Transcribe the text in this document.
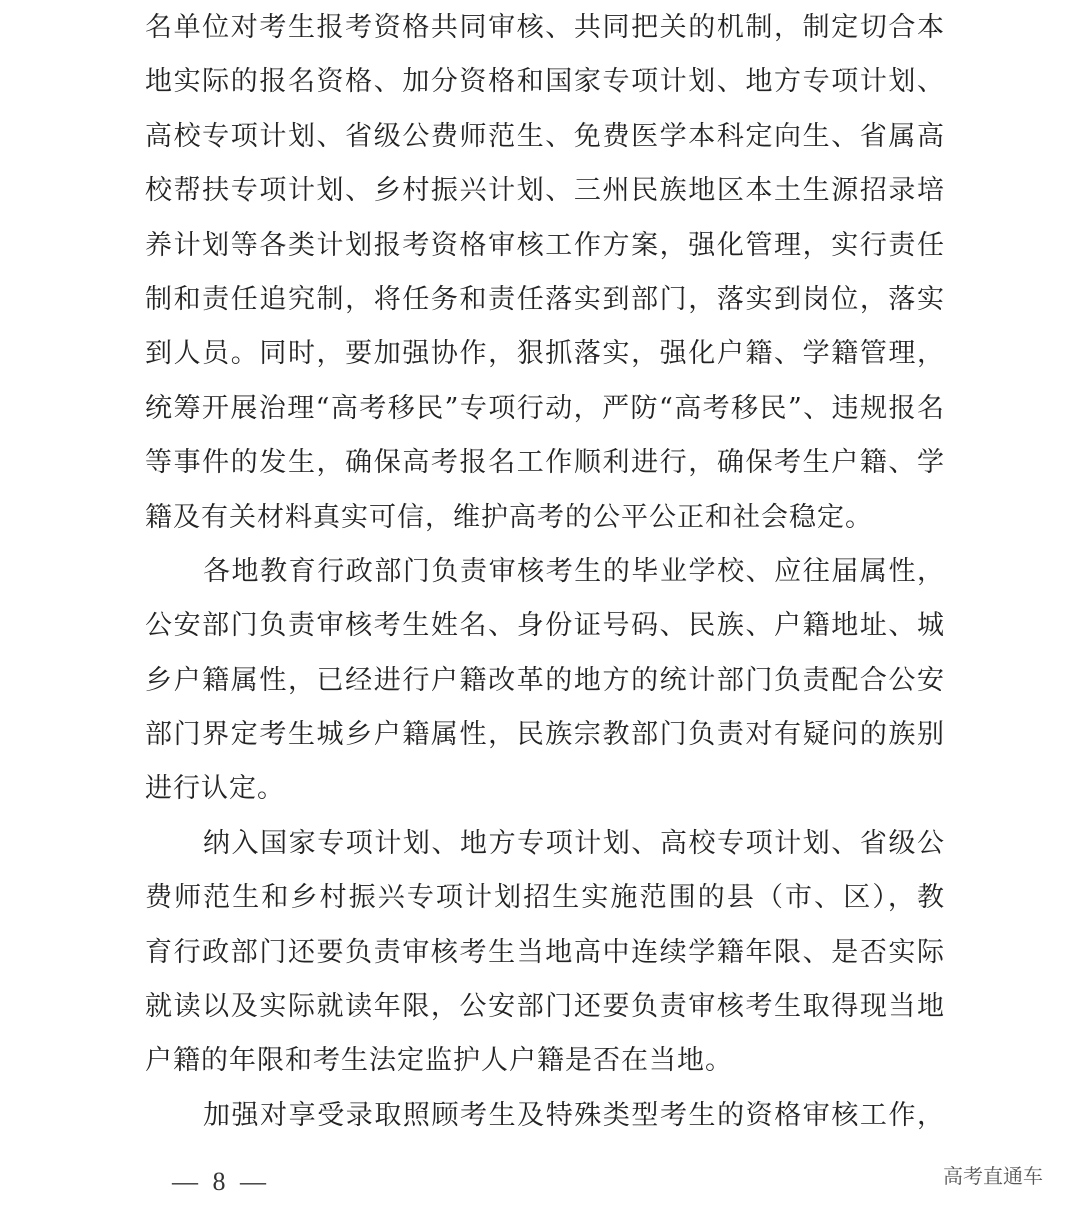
名单位对考生报考资格共同审核、共同把关的机制，制定切合本
地实际的报名资格、加分资格和国家专项计划、地方专项计划、
高校专项计划、省级公费师范生、免费医学本科定向生、省属高
校帮扶专项计划、乡村振兴计划、三州民族地区本土生源招录培
养计划等各类计划报考资格审核工作方案，强化管理，实行责任
制和责任追究制，将任务和责任落实到部门，落实到岗位，落实
到人员。同时，要加强协作，狠抓落实，强化户籍、学籍管理，
统筹开展治理“高考移民”专项行动，严防“高考移民”、违规报名
等事件的发生，确保高考报名工作顺利进行，确保考生户籍、学
籍及有关材料真实可信，维护高考的公平公正和社会稳定。
各地教育行政部门负责审核考生的毕业学校、应往届属性，
公安部门负责审核考生姓名、身份证号码、民族、户籍地址、城
乡户籍属性，已经进行户籍改革的地方的统计部门负责配合公安
部门界定考生城乡户籍属性，民族宗教部门负责对有疑问的族别
进行认定。
纳入国家专项计划、地方专项计划、高校专项计划、省级公
费师范生和乡村振兴专项计划招生实施范围的县（市、区），教
育行政部门还要负责审核考生当地高中连续学籍年限、是否实际
就读以及实际就读年限，公安部门还要负责审核考生取得现当地
户籍的年限和考生法定监护人户籍是否在当地。
加强对享受录取照顾考生及特殊类型考生的资格审核工作，
— 8 —	高考直通车
